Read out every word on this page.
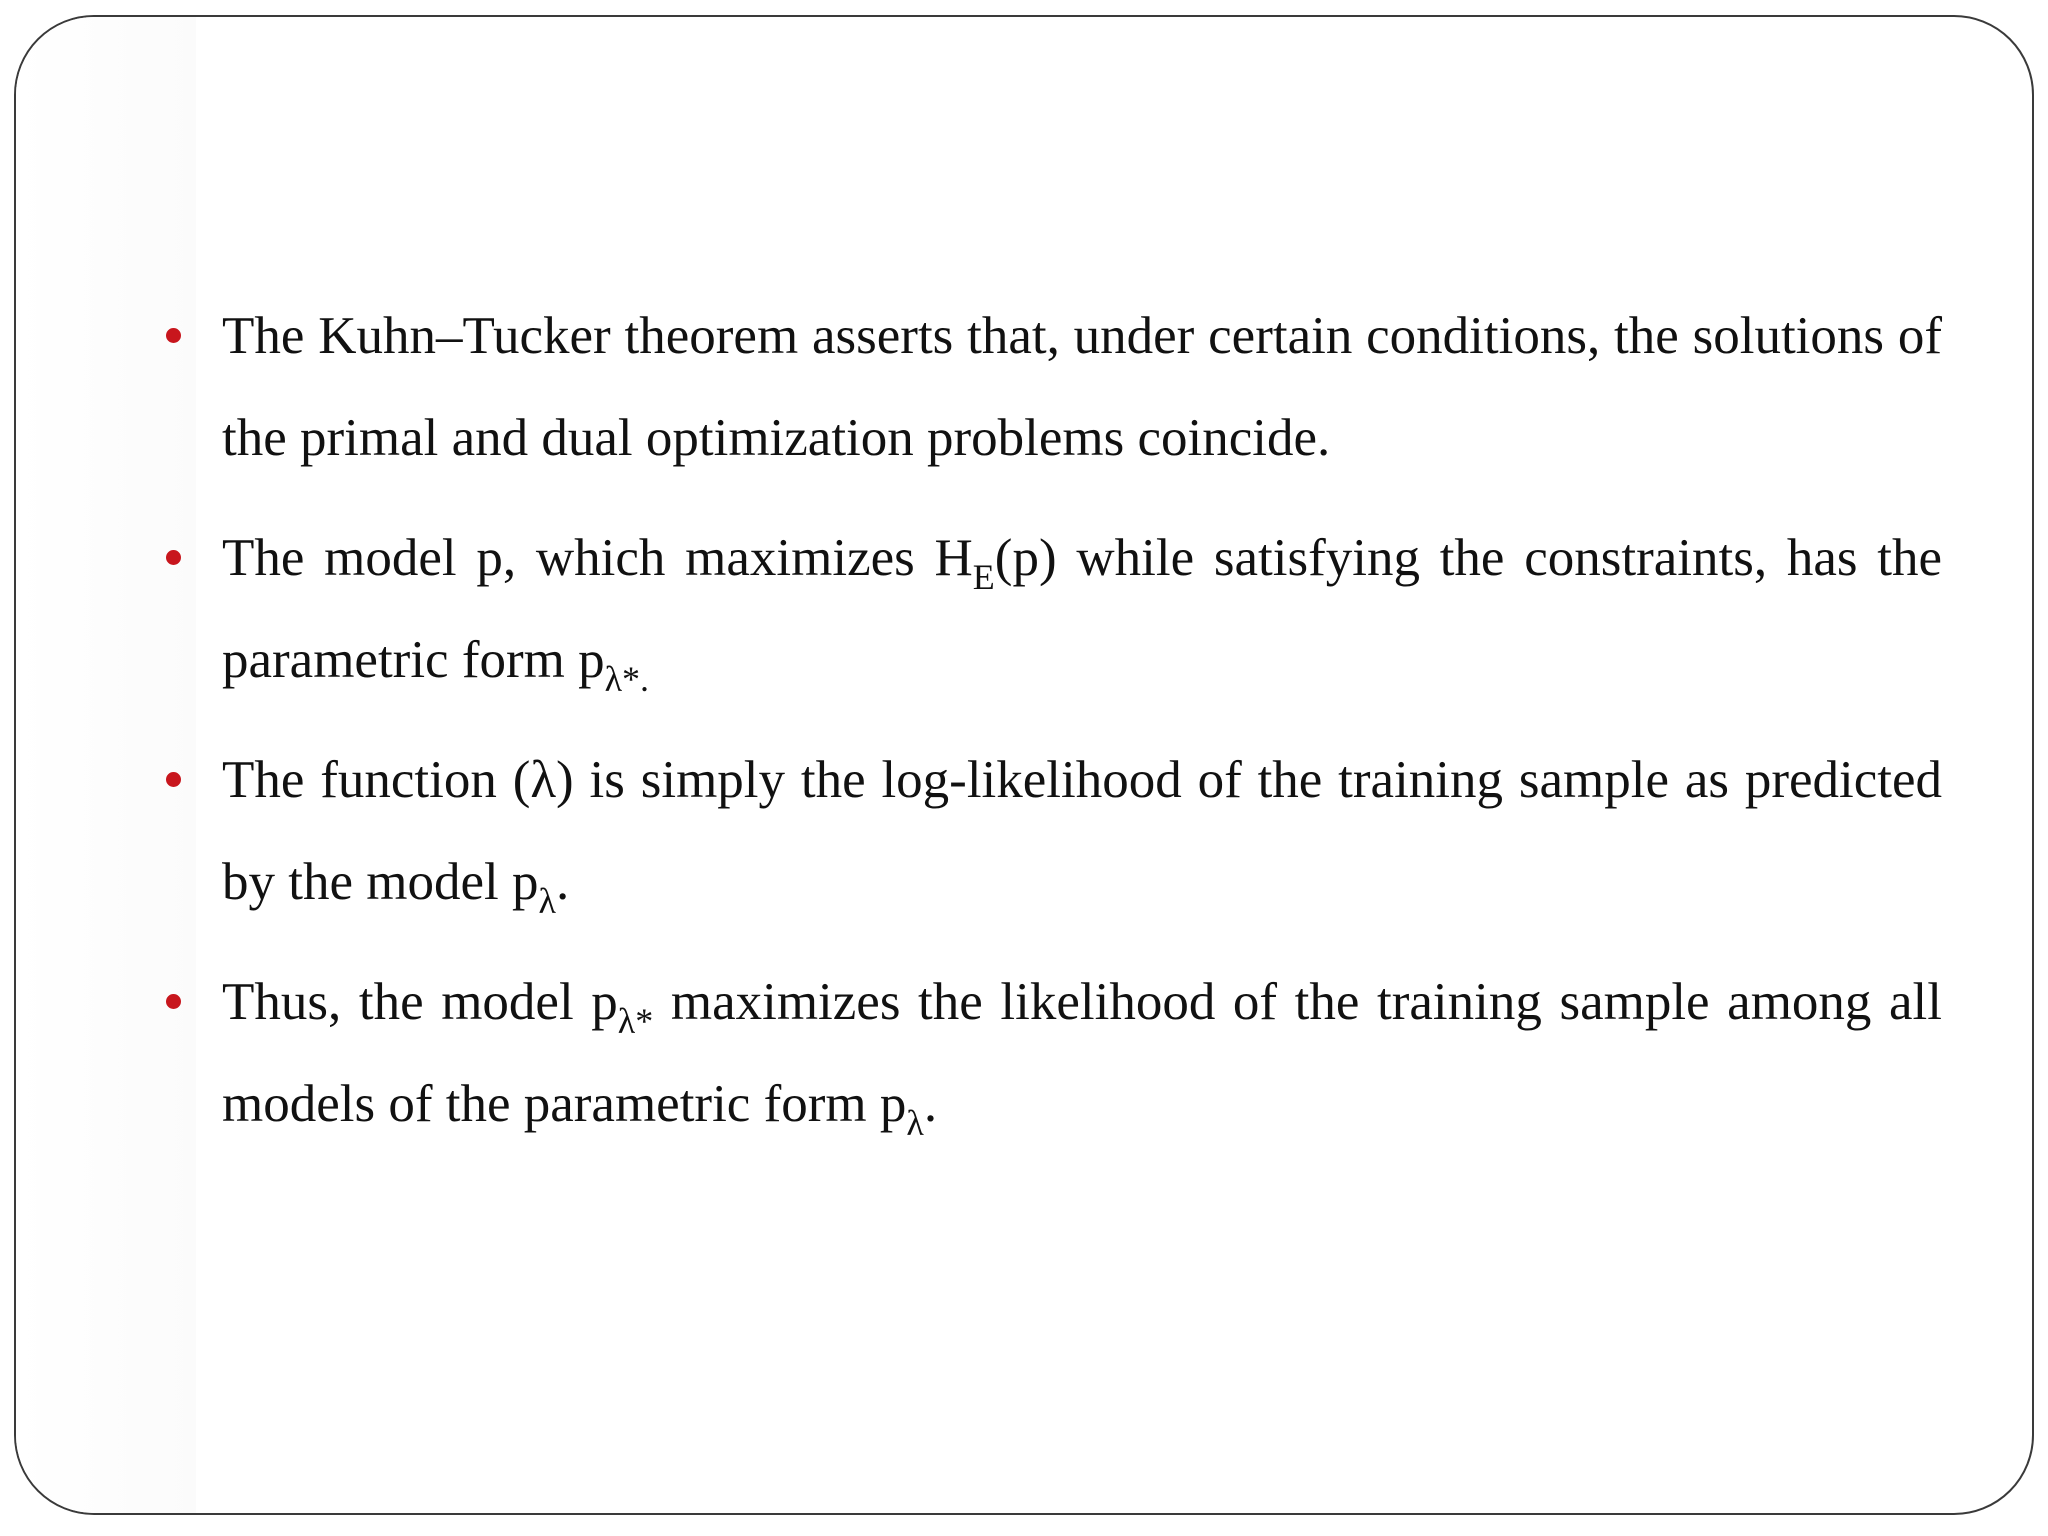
The Kuhn–Tucker theorem asserts that, under certain conditions, the solutions of the primal and dual optimization problems coincide.
The model p, which maximizes $H_E(p)$ while satisfying the constraints, has the parametric form $p_{\lambda*.}$
The function (λ) is simply the log-likelihood of the training sample as predicted by the model $p_\lambda$.
Thus, the model $p_{\lambda*}$ maximizes the likelihood of the training sample among all models of the parametric form $p_\lambda$.
